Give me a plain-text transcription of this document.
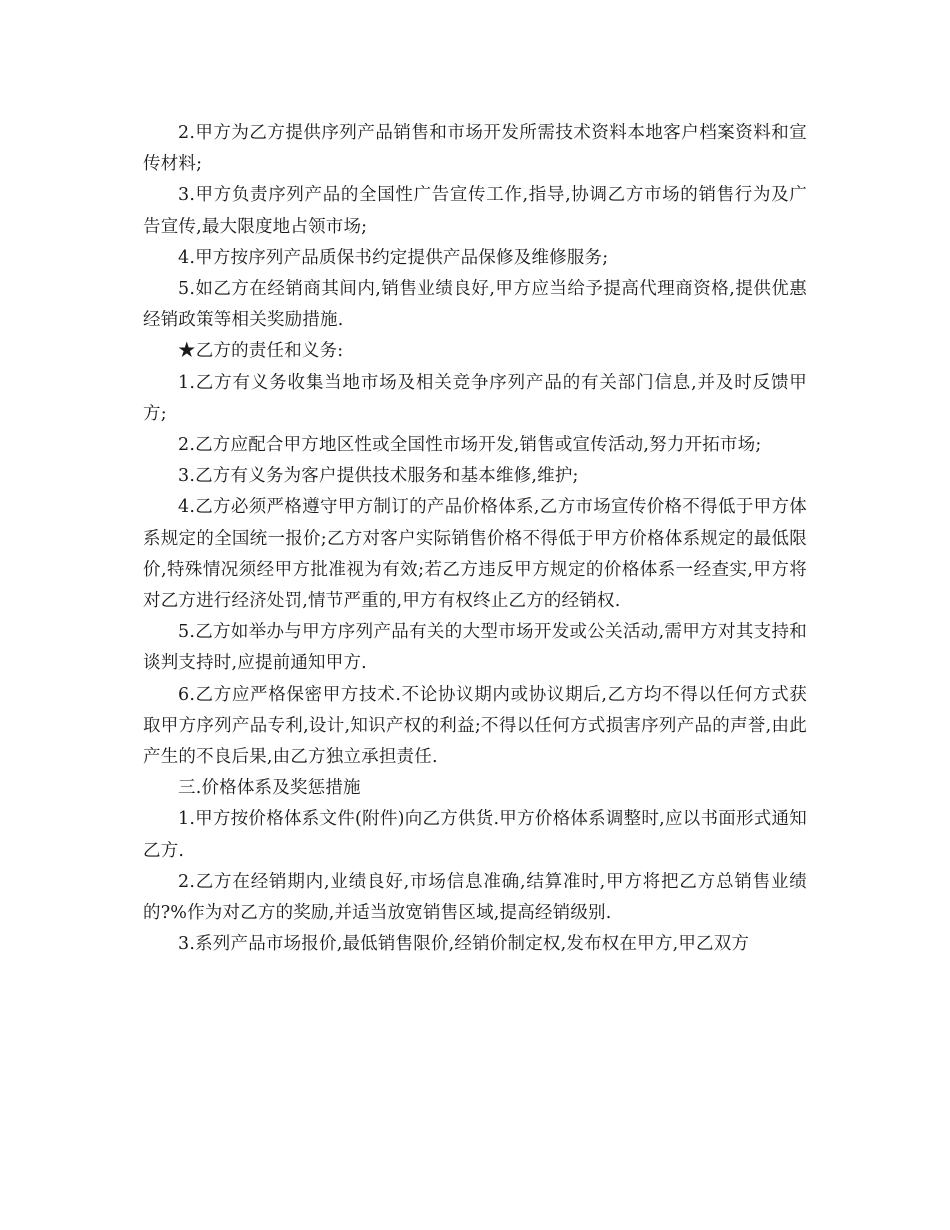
2.甲方为乙方提供序列产品销售和市场开发所需技术资料本地客户档案资料和宣传材料;

3.甲方负责序列产品的全国性广告宣传工作,指导,协调乙方市场的销售行为及广告宣传,最大限度地占领市场;

4.甲方按序列产品质保书约定提供产品保修及维修服务;

5.如乙方在经销商其间内,销售业绩良好,甲方应当给予提高代理商资格,提供优惠经销政策等相关奖励措施.

★乙方的责任和义务:

1.乙方有义务收集当地市场及相关竞争序列产品的有关部门信息,并及时反馈甲方;

2.乙方应配合甲方地区性或全国性市场开发,销售或宣传活动,努力开拓市场;

3.乙方有义务为客户提供技术服务和基本维修,维护;

4.乙方必须严格遵守甲方制订的产品价格体系,乙方市场宣传价格不得低于甲方体系规定的全国统一报价;乙方对客户实际销售价格不得低于甲方价格体系规定的最低限价,特殊情况须经甲方批准视为有效;若乙方违反甲方规定的价格体系一经查实,甲方将对乙方进行经济处罚,情节严重的,甲方有权终止乙方的经销权.

5.乙方如举办与甲方序列产品有关的大型市场开发或公关活动,需甲方对其支持和谈判支持时,应提前通知甲方.

6.乙方应严格保密甲方技术.不论协议期内或协议期后,乙方均不得以任何方式获取甲方序列产品专利,设计,知识产权的利益;不得以任何方式损害序列产品的声誉,由此产生的不良后果,由乙方独立承担责任.

三.价格体系及奖惩措施

1.甲方按价格体系文件(附件)向乙方供货.甲方价格体系调整时,应以书面形式通知乙方.

2.乙方在经销期内,业绩良好,市场信息准确,结算准时,甲方将把乙方总销售业绩的?%作为对乙方的奖励,并适当放宽销售区域,提高经销级别.

3.系列产品市场报价,最低销售限价,经销价制定权,发布权在甲方,甲乙双方
